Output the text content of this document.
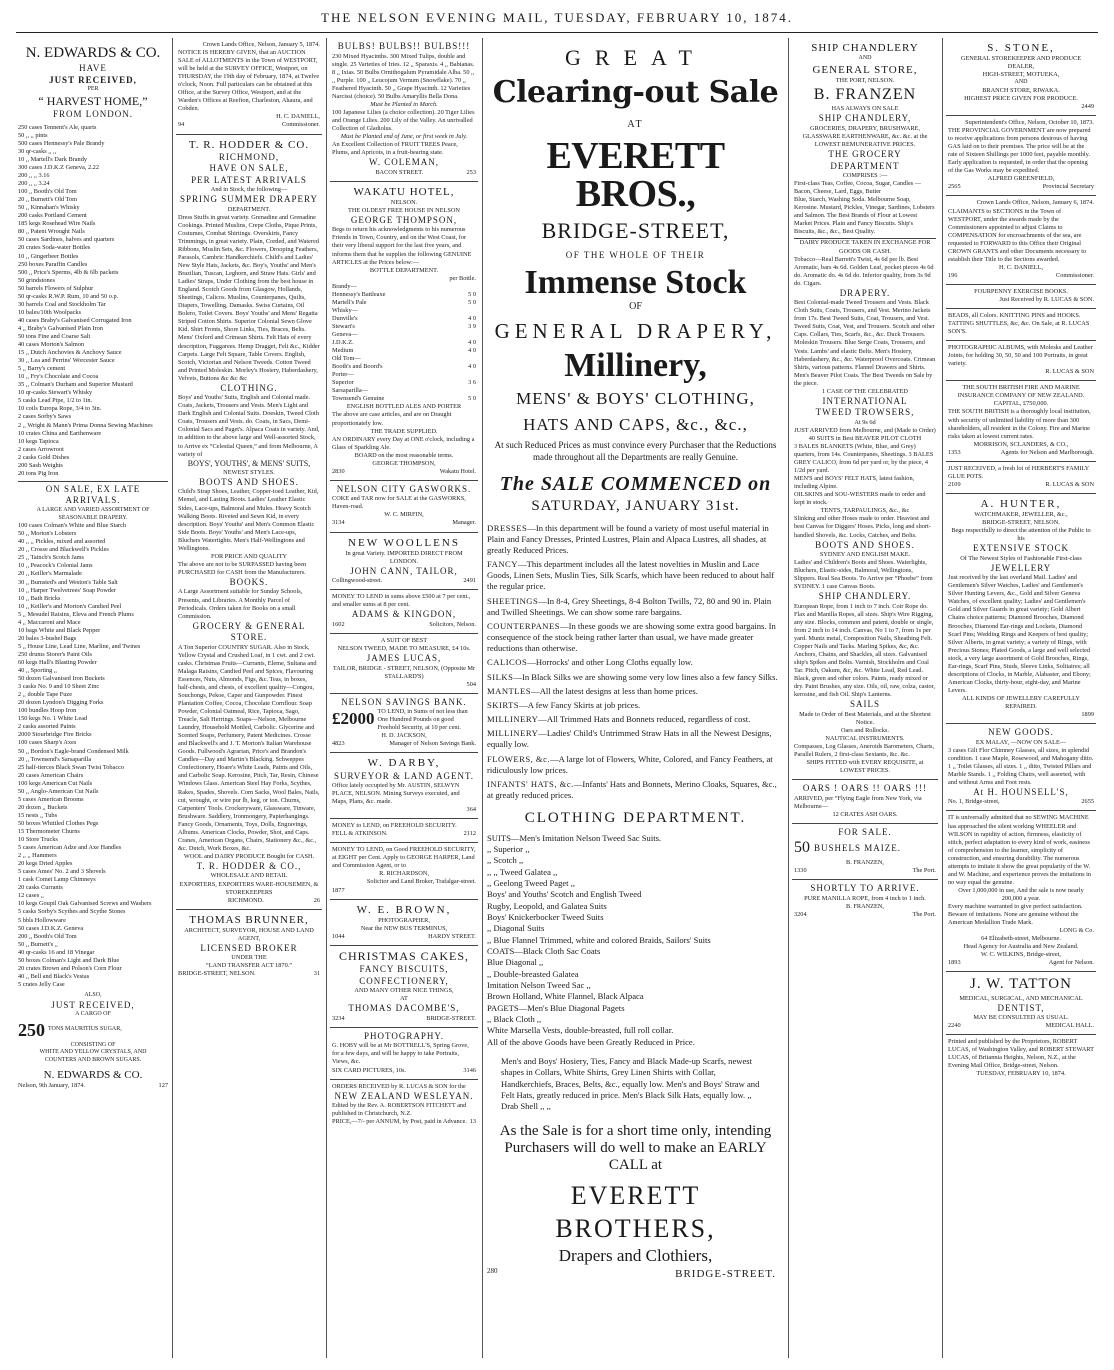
THE NELSON EVENING MAIL, TUESDAY, FEBRUARY 10, 1874.
N. EDWARDS & CO.
HAVE
JUST RECEIVED,
PER
“ HARVEST HOME,”
FROM LONDON.
250 cases Tennent's Ale, quarts
50 ,, ,, pints
500 cases Hennessy's Pale Brandy
30 qr-casks ,, ,,
10 ,, Martell's Dark Brandy
300 cases J.D.K.Z Geneva, 2.22
200 ,, ,, 3.16
200 ,, ,, 3.24
100 ,, Booth's Old Tom
20 ,, Burnett's Old Tom
50 ,, Kinnahan's Whisky
200 casks Portland Cement
185 kegs Rosehead Wire Nails
80 ,, Patent Wrought Nails
50 cases Sardines, halves and quarters
20 crates Soda-water Bottles
10 ,, Gingerbeer Bottles
250 boxes Paraffin Candles
500 ,, Price's Sperms, 4lb & 6lb packets
50 grindstones
50 barrels Flowers of Sulphur
50 qr-casks R.W.P. Rum, 10 and 50 o.p.
30 barrels Coal and Stockholm Tar
10 bales/10th Woolpacks
40 cases Braby's Galvanised Corrugated Iron
4 ,, Braby's Galvanised Plain Iron
50 tons Fine and Coarse Salt
40 cases Morton's Salmon
15 ,, Dutch Anchovies & Anchovy Sauce
30 ,, Lea and Perrins' Worcester Sauce
5 ,, Barry's cement
10 ,, Fry's Chocolate and Cocoa
35 ,, Colman's Durham and Superior Mustard
10 qr-casks Stewart's Whisky
5 casks Lead Pipe, 1/2 to 1in.
10 coils Europa Rope, 3/4 to 3in.
2 cases Sorby's Saws
2 ,, Wright & Mann's Prima Donna Sewing Machines
10 crates China and Earthenware
10 kegs Tapioca
2 cases Arrowroot
2 casks Gold Dishes
200 Sash Weights
20 tons Pig Iron
ON SALE, EX LATE ARRIVALS.
A LARGE AND VARIED ASSORTMENT OF SEASONABLE DRAPERY.
100 cases Colman's White and Blue Starch
50 ,, Morton's Lobsters
40 ,, ,, Pickles, mixed and assorted
20 ,, Crosse and Blackwell's Pickles
25 ,, Taincb's Scotch Jams
10 ,, Peacock's Colonial Jams
20 ,, Keiller's Marmalade
30 ,, Bumsted's and Weston's Table Salt
10 ,, Harper Twelvetrees' Soap Powder
10 ,, Bath Bricks
10 ,, Keiller's and Morton's Candied Peel
5 ,, Mesudel Raisins, Eleva and French Plums
4 ,, Maccaroni and Mace
10 bags White and Black Pepper
20 bales 3-bushel Bags
5 ,, House Line, Lead Line, Marline, and Twines
250 drums Storer's Paint Oils
60 kegs Hall's Blasting Powder
40 ,, Sporting ,,
50 dozen Galvanised Iron Buckets
3 casks No. 9 and 10 Sheet Zinc
2 ,, double Tape Fuze
20 dozen Lyndon's Digging Forks
100 bundles Hoop Iron
150 kegs No. 1 White Lead
2 casks assorted Paints
2000 Stourbridge Fire Bricks
100 cases Sharp's Axes
50 ,, Bordon's Eagle-brand Condensed Milk
20 ,, Townsend's Sarsaparilla
25 half-tierces Black Swan Twist Tobacco
20 cases American Chairs
100 kegs American Cut Nails
50 ,, Anglo-American Cut Nails
5 cases American Brooms
20 dozen ,, Buckets
15 nests ,, Tubs
50 boxes Whittled Clothes Pegs
15 Thermometer Churns
10 Store Trucks
5 cases American Adze and Axe Handles
2 ,, ,, Hammers
20 kegs Dried Apples
5 cases Ames' No. 2 and 3 Shovels
1 cask Comet Lamp Chimneys
20 casks Currants
12 cases ,,
10 kegs Goupil Oak Galvanised Screws and Washers
5 casks Sorby's Scythes and Scythe Stones
5 bbls Hollowware
50 cases J.D.K.Z. Geneva
200 ,, Booth's Old Tom
50 ,, Burnett's ,,
40 qr-casks 16 and 18 Vinegar
50 boxes Colman's Light and Dark Blue
20 crates Brown and Polson's Corn Flour
40 ,, Bell and Black's Vestas
5 crates Jelly Case
ALSO,
JUST RECEIVED,
A CARGO OF
250 TONS MAURITIUS SUGAR,
CONSISTING OF
WHITE AND YELLOW CRYSTALS, AND
COUNTERS AND BROWN SUGARS.
N. EDWARDS & CO.
Nelson, 9th January, 1874.	127
Crown Lands Office, Nelson, January 5, 1874.
NOTICE IS HEREBY GIVEN, that an AUCTION SALE of ALLOTMENTS in the Town of WESTPORT, will be held at the SURVEY OFFICE, Westport, on THURSDAY, the 19th day of February, 1874, at Twelve o'clock, Noon. Full particulars can be obtained at this Office, at the Survey Office, Westport, and at the Warden's Offices at Reefton, Charleston, Ahaura, and Cobden.
H. C. DANIELL,
94	Commissioner.
T. R. HODDER & CO.
RICHMOND,
HAVE ON SALE,
PER LATEST ARRIVALS
And in Stock, the following—
SPRING SUMMER DRAPERY
DEPARTMENT.
Dress Stuffs in great variety. Grenadine and Grenadine Cookings. Printed Muslins, Crepe Cloths, Pique Prints, Costumes, Combat Shirtings. Overskirts, Fancy Trimmings, in great variety. Plain, Corded, and Watered Ribbons, Muslin Sets, &c. Flowers, Drooping Feathers, Parasols, Cambric Handkerchiefs. Child's and Ladies' New Style Hats, Jackets, &c. Boy's, Youths' and Men's Brazilian, Tuscan, Leghorn, and Straw Hats. Girls' and Ladies' Straps, Under Clothing from the best house in England. Scotch Goods from Glasgow, Hollands, Sheetings, Calicos. Muslins, Counterpanes, Quilts, Diapers, Towelling, Damasks. Swiss Curtains, Oil Bolero, Toilet Covers. Boys' Youths' and Mens' Regatta Striped Cotton Shirts. Superior Colonial Sewn Glove Kid. Shirt Fronts, Shore Links, Ties, Braces, Belts. Mens' Oxford and Crimean Shirts. Felt Hats of every description, Fuggarees. Hemp Dragget, Felt &c., Kidder Carpets. Large Felt Square, Table Covers. English, Scotch, Victorian and Nelson Tweeds. Cotton Tweed and Printed Moleskin. Morley's Hosiery, Haberdashery, Velvets, Buttons &c &c &c
CLOTHING.
Boys' and Youths' Suits, English and Colonial made. Coats, Jackets, Trousers and Vests. Men's Light and Dark English and Colonial Suits. Doeskin, Tweed Cloth Coats, Trousers and Vests. do. Coats, in Sacs, Demi-Colonial Sacs and Paget's. Alpaca Coats in variety. And, in addition to the above large and Well-assorted Stock, to Arrive ex “Celestial Queen,” and from Melbourne, A variety of
BOYS', YOUTHS', & MENS' SUITS,
NEWEST STYLES.
BOOTS AND SHOES.
Child's Strap Shoes, Leather, Copper-toed Leather, Kid, Memel, and Lasting Boots. Ladies' Leather Elastic Sides, Lace-ups, Balmoral and Mules. Heavy Scotch Walking Boots. Riveted and Sewn Kid, in every description. Boys' Youths' and Men's Common Elastic Side Boots. Boys' Youths' and Men's Lace-ups, Bluchers Watertights. Men's Half-Wellingtons and Wellingtons.
FOR PRICE AND QUALITY
The above are not to be SURPASSED having been PURCHASED for CASH from the Manufacturers.
BOOKS.
A Large Assortment suitable for Sunday Schools, Presents, and Libraries. A Monthly Parcel of Periodicals. Orders taken for Books on a small Commission.
GROCERY & GENERAL STORE.
A Ton Superior COUNTRY SUGAR. Also in Stock, Yellow Crystal and Crushed Loaf, in 1 cwt. and 2 cwt. casks. Christmas Fruits—Currants, Eleme, Sultana and Malaga Raisins, Candied Peel and Spices, Flavouring Essences, Nuts, Almonds, Figs, &c. Teas, in boxes, half-chests, and chests, of excellent quality—Congou, Souchongs, Pekoe, Caper and Gunpowder. Finest Plantation Coffee, Cocoa, Chocolate Cornflour. Soap Powder, Colonial Oatmeal, Rice, Tapioca, Sago, Treacle, Salt Herrings. Soaps—Nelson, Melbourne Laundry, Household Mottled, Carbolic. Glycerine and Scented Soaps, Perfumery, Patent Medicines. Crosse and Blackwell's and J. T. Morton's Italian Warehouse Goods. Fullwood's Agrarian, Price's and Brandon's Candles—Day and Martin's Blacking. Schweppes Confectionery, Hoare's White Leads, Paints and Oils, and Carbolic Soap. Kerosine, Pitch, Tar, Resin, Chinese Windows Glass. American Steel Hay Forks, Scythes, Rakes, Spades, Shovels. Corn Sacks, Wool Bales, Nails, cut, wrought, or wire pur lb, keg, or ton. Churns, Carpenters' Tools. Crockeryware, Glassware, Tinware, Brushware. Saddlery, Ironmongery, Papierhangings. Fancy Goods, Ornaments, Toys, Dolls, Engravings, Albums. American Clocks, Powder, Shot, and Caps. Cranes, American Organs, Chairs, Stationery &c., &c., &c. Dutch, Work Boxes, &c.
WOOL and DAIRY PRODUCE Bought for CASH.
T. R. HODDER & CO.,
WHOLESALE AND RETAIL
EXPORTERS, EXPORTERS WARE-HOUSEMEN, & STOREKEEPERS
RICHMOND.	26
THOMAS BRUNNER,
ARCHITECT, SURVEYOR, HOUSE AND LAND AGENT,
LICENSED BROKER
UNDER THE
“LAND TRANSFER ACT 1870.”
BRIDGE-STREET, NELSON.	31
BULBS! BULBS!! BULBS!!!
230 Mixed Hyacinths. 300 Mixed Tulips, double and single. 25 Varieties of Iries. 12 ,, Sparaxis. 4 ,, Babianas. 8 ,, Ixias. 50 Bulbs Ornithogalum Pyramidale Alba. 50 ,, ,, Purple. 100 ,, Leucojum Vernum (Snowflake). 70 ,, Feathered Hyacinth. 50 ,, Grape Hyacinth. 12 Varieties Narcissi (choice). 50 Bulbs Amaryllis Bella Dona.
Must be Planted in March.
100 Japanese Lilies (a choice collection). 20 Tiger Lilies and Orange Lilies. 200 Lily of the Valley. An unrivalled Collection of Gladiolus.
Must be Planted end of June, or first week in July.
An Excellent Collection of FRUIT TREES Peace, Plums, and Apricots, in a fruit-bearing state.
W. COLEMAN,
BACON STREET.	253
WAKATU HOTEL,
NELSON.
THE OLDEST FREE HOUSE IN NELSON
GEORGE THOMPSON,
Begs to return his acknowledgments to his numerous Friends in Town, Country, and on the West Coast, for their very liberal support for the last five years, and informs them that he supplies the following GENUINE ARTICLES at the Prices below:—
BOTTLE DEPARTMENT.
per Bottle.
Brandy—
Hennessy's Battleaxe	5 0
Martell's Pale	5 0
Whisky—
Dunville's	4 0
Stewart's	3 9
Geneva—
J.D.K.Z.	4 0
Medium	4 0
Old Tom—
Booth's and Boord's	4 0
Porter—
Superior	3 6
Sarsaparilla—
Townsend's Genuine	5 0
ENGLISH BOTTLED ALES AND PORTER
The above are case articles, and are on Draught proportionately low.
THE TRADE SUPPLIED.
AN ORDINARY every Day at ONE o'clock, including a Glass of Sparkling Ale.
BOARD on the most reasonable terms.
GEORGE THOMPSON,
2830	Wakatu Hotel.
NELSON CITY GASWORKS.
COKE and TAR now for SALE at the GASWORKS, Haven-road.
W. C. MIRFIN,
3134	Manager.
NEW WOOLLENS
In great Variety. IMPORTED DIRECT FROM LONDON.
JOHN CANN, TAILOR,
Collingwood-street.	2491
MONEY TO LEND in sums above £500 at 7 per cent., and smaller sums at 8 per cent.
ADAMS & KINGDON,
1602	Solicitors, Nelson.
A SUIT OF BEST
NELSON TWEED, MADE TO MEASURE, £4 10s.
JAMES LUCAS,
TAILOR, BRIDGE - STREET, NELSON, (Opposite Mr STALLARD'S)
504
NELSON SAVINGS BANK.
£2000 TO LEND, in Sums of not less than One Hundred Pounds on good Freehold Security, at 10 per cent.
H. D. JACKSON,
4823	Manager of Nelson Savings Bank.
W. DARBY,
SURVEYOR & LAND AGENT.
Office lately occupied by Mr. AUSTIN, SELWYN PLACE, NELSON. Mining Surveys executed, and Maps, Plans, &c. made.
364
MONEY to LEND, on FREEHOLD SECURITY.
FELL & ATKINSON.	2112
MONEY TO LEND, on Good FREEHOLD SECURITY, at EIGHT per Cent. Apply to GEORGE HARPER, Land and Commission Agent, or to
R. RICHARDSON,
Solicitor and Land Broker, Trafalgar-street.
1877
W. E. BROWN,
PHOTOGRAPHER,
Near the NEW BUS TERMINUS,
1044	HARDY STREET.
CHRISTMAS CAKES,
FANCY BISCUITS, CONFECTIONERY,
AND MANY OTHER NICE THINGS,
AT
THOMAS DACOMBE'S,
3234	BRIDGE-STREET.
PHOTOGRAPHY.
G. HOBY will be at Mr BOTTRELL'S, Spring Grove, for a few days, and will be happy to take Portraits, Views, &c.
SIX CARD PICTURES, 10s.	3146
ORDERS RECEIVED by R. LUCAS & SON for the
NEW ZEALAND WESLEYAN.
Edited by the Rev. A. ROBERTSON FITCHETT and published in Christchurch, N.Z.
PRICE,—7/- per ANNUM, by Post, paid in Advance. 13
GREAT
Clearing-out Sale
AT
EVERETT BROS.,
BRIDGE-STREET,
OF THE WHOLE OF THEIR
Immense Stock
OF
GENERAL DRAPERY,
Millinery,
MENS' & BOYS' CLOTHING,
HATS AND CAPS, &c., &c.,
At such Reduced Prices as must convince every Purchaser that the Reductions made throughout all the Departments are really Genuine.
The SALE COMMENCED on
SATURDAY, JANUARY 31st.
DRESSES—In this department will be found a variety of most useful material in Plain and Fancy Dresses, Printed Lustres, Plain and Alpaca Lustres, all shades, at greatly Reduced Prices.
FANCY—This department includes all the latest novelties in Muslin and Lace Goods, Linen Sets, Muslin Ties, Silk Scarfs, which have been reduced to about half the regular price.
SHEETINGS—In 8-4, Grey Sheetings, 8-4 Bolton Twills, 72, 80 and 90 in. Plain and Twilled Sheetings. We can show some rare bargains.
COUNTERPANES—In these goods we are showing some extra good bargains. In consequence of the stock being rather larter than usual, we have made greater reductions than otherwise.
CALICOS—Horrocks' and other Long Cloths equally low.
SILKS—In Black Silks we are showing some very low lines also a few fancy Silks.
MANTLES—All the latest designs at less than home prices.
SKIRTS—A few Fancy Skirts at job prices.
MILLINERY—All Trimmed Hats and Bonnets reduced, regardless of cost.
MILLINERY—Ladies' Child's Untrimmed Straw Hats in all the Newest Designs, equally low.
FLOWERS, &c.—A large lot of Flowers, White, Colored, and Fancy Feathers, at ridiculously low prices.
INFANTS' HATS, &c.—Infants' Hats and Bonnets, Merino Cloaks, Squares, &c., at greatly reduced prices.
CLOTHING DEPARTMENT.
SUITS—Men's Imitation Nelson Tweed Sac Suits.
,, Superior ,,
,, Scotch ,,
,, ,, Tweed Galatea ,,
,, Geelong Tweed Paget ,,
Boys' and Youths' Scotch and English Tweed
Rugby, Leopold, and Galatea Suits
Boys' Knickerbocker Tweed Suits
,, Diagonal Suits
,, Blue Flannel Trimmed, white and colored Braids, Sailors' Suits
COATS—Black Cloth Sac Coats
Blue Diagonal ,,
,, Double-breasted Galatea
Imitation Nelson Tweed Sac ,,
Brown Holland, White Flannel, Black Alpaca
PAGETS—Men's Blue Diagonal Pagets
,, Black Cloth ,,
White Marsella Vests, double-breasted, full roll collar.
All of the above Goods have been Greatly Reduced in Price.
Men's and Boys' Hosiery, Ties, Fancy and Black Made-up Scarfs, newest shapes in Collars, White Shirts, Grey Linen Shirts with Collar, Handkerchiefs, Braces, Belts, &c., equally low. Men's and Boys' Straw and Felt Hats, greatly reduced in price. Men's Black Silk Hats, equally low. ,, Drab Shell ,, ,,
As the Sale is for a short time only, intending Purchasers will do well to make an EARLY CALL at
EVERETT BROTHERS,
Drapers and Clothiers,
280	BRIDGE-STREET.
SHIP CHANDLERY
AND
GENERAL STORE,
THE PORT, NELSON.
B. FRANZEN
HAS ALWAYS ON SALE
SHIP CHANDLERY,
GROCERIES, DRAPERY, BRUSHWARE, GLASSWARE EARTHENWARE, &c. &c. at the LOWEST REMUNERATIVE PRICES.
THE GROCERY DEPARTMENT
COMPRISES :—
First-class Teas, Coffee, Cocoa, Sugar, Candles — Bacon, Cheese, Lard, Eggs, Butter
Blue, Starch, Washing Soda. Melbourne Soap, Kerosine. Mustard, Pickles, Vinegar, Sardines, Lobsters and Salmon. The Best Brands of Flour at Lowest Market Prices. Plain and Fancy Biscuits. Ship's Biscuits, &c., &c., Best Quality.
DAIRY PRODUCE TAKEN IN EXCHANGE FOR GOODS OR CASH.
Tobacco—Real Barrett's Twist, 4s 6d per lb. Best Aromatic, bars 4s 6d. Golden Leaf, pocket pieces 4s 6d do. Aromatic do. 4s 6d do. Inferior quality, from 3s 9d do. Cigars.
DRAPERY.
Best Colonial-made Tweed Trousers and Vests. Black Cloth Suits, Coats, Trousers, and Vest. Merino Jackets from 17s. Best Tweed Suits, Coat, Trousers, and Vest. Tweed Suits, Coat, Vest, and Trousers. Scotch and other Caps. Collars, Ties, Scarfs, &c., &c. Duck Trousers. Moleskin Trousers. Blue Serge Coats, Trousers, and Vests. Lambs' and elastic Belts. Men's Hosiery, Haberdashery, &c., &c. Waterproof Overcoats. Crimean Shirts, various patterns. Flannel Drawers and Shirts. Men's Beaver Pilot Coats. The Best Tweeds on Sale by the piece.
1 CASE OF THE CELEBRATED
INTERNATIONAL
TWEED TROWSERS,
At 9s 6d
JUST ARRIVED from Melbourne, and (Made to Order)
40 SUITS in Best BEAVER PILOT CLOTH
3 BALES BLANKETS (White, Blue, and Grey) quarters, from 14s. Counterpanes, Sheetings. 3 BALES GREY CALICO, from 6d per yard or, by the piece, 4 1/2d per yard.
MEN'S and BOYS' FELT HATS, latest fashion, including Alpine.
OILSKINS and SOU-WESTERS made to order and kept in stock.
TENTS, TARPAULINGS, &c., &c
Slinking and other Hoses made to order. Heaviest and best Canvas for Diggers' Hoses. Picks, long and short-handled Shovels, &c. Locks, Catches, and Bolts.
BOOTS AND SHOES.
SYDNEY AND ENGLISH MAKE.
Ladies' and Children's Boots and Shoes. Waterlights, Bluchers, Elastic-sides, Balmoral, Wellingtons, Slippers. Real Sea Boots. To Arrive per “Phoebe” from SYDNEY. 1 case Canvas Boots.
SHIP CHANDLERY.
European Rope, from 1 inch to 7 inch. Coir Rope do. Flax and Manilla Ropes, all sizes. Ship's Wire Rigging, any size. Blocks, common and patent, double or single, from 2 inch to 14 inch. Canvas, No 1 to 7, from 1s per yard. Muntz metal, Composition Nails, Sheathing Felt. Copper Nails and Tacks. Marling Spikes, &c, &c. Anchors, Chains, and Shackles, all sizes. Galvanised ship's Spikes and Bolts. Varnish, Stockholm and Coal Tar. Pitch, Oakum, &c, &c. White Lead, Red Lead. Black, green and other colors. Paints, ready mixed or dry. Paint Brushes, any size. Oils, oil, raw, colza, castor, kerosine, and fish Oil. Ship's Lanterns.
SAILS
Made to Order of Best Materials, and at the Shortest Notice.
Oars and Rollocks.
NAUTICAL INSTRUMENTS.
Compasses, Log Glasses, Aneroids Barometers, Charts, Parallel Rulers, 2 first-class Sextants, &c. &c.
SHIPS FITTED with EVERY REQUISITE, at LOWEST PRICES.
OARS ! OARS !! OARS !!!
ARRIVED, per “Flying Eagle from New York, via Melbourne—
12 CRATES ASH OARS.
FOR SALE.
50 BUSHELS MAIZE.
B. FRANZEN,
1330	The Port.
SHORTLY TO ARRIVE.
PURE MANILLA ROPE, from 4 inch to 1 inch.
B. FRANZEN,
3204	The Port.
S. STONE,
GENERAL STOREKEEPER AND PRODUCE DEALER,
HIGH-STREET, MOTUEKA,
AND
BRANCH STORE, RIWAKA.
HIGHEST PRICE GIVEN FOR PRODUCE.
2449
Superintendent's Office, Nelson, October 10, 1873.
THE PROVINCIAL GOVERNMENT are now prepared to receive applications from persons desirous of having GAS laid on to their premises. The price will be at the rate of Sixteen Shillings per 1000 feet, payable monthly. Early application is requested, in order that the opening of the Gas Works may be expedited.
ALFRED GREENFIELD,
2565	Provincial Secretary
Crown Lands Office, Nelson, January 6, 1874.
CLAIMANTS to SECTIONS in the Town of WESTPORT, under the awards made by the Commissioners appointed to adjust Claims to COMPENSATION for encroachments of the sea, are requested to FORWARD to this Office their Original CROWN GRANTS and other Documents necessary to establish their Title to the Sections awarded.
H. C. DANIELL,
196	Commissioner.
FOURPENNY EXERCISE BOOKS.
Just Received by R. LUCAS & SON.
BEADS, all Colors. KNITTING PINS and HOOKS. TATTING SHUTTLES, &c, &c. On Sale, at R. LUCAS SON'S.
PHOTOGRAPHIC ALBUMS, with Molesks and Leather Joints, for holding 30, 50, 50 and 100 Portraits, in great variety.
R. LUCAS & SON
THE SOUTH BRITISH FIRE AND MARINE INSURANCE COMPANY OF NEW ZEALAND.
CAPITAL, £750,000.
THE SOUTH BRITISH is a thoroughly local institution, with security of unlimited liability of more than 300 shareholders, all resident in the Colony. Fire and Marine risks taken at lowest current rates.
MORRISON, SCLANDERS, & CO.,
1353	Agents for Nelson and Marlborough.
JUST RECEIVED, a fresh lot of HERBERT'S FAMILY GLUE POTS.
2109	R. LUCAS & SON
A. HUNTER,
WATCHMAKER, JEWELLER, &c.,
BRIDGE-STREET, NELSON.
Begs respectfully to direct the attention of the Public to his
EXTENSIVE STOCK
Of The Newest Styles of Fashionable First-class
JEWELLERY
Just received by the last overland Mail. Ladies' and Gentlemen's Silver Watches, Ladies' and Gentlemen's Silver Hunting Levers, &c., Gold and Silver Geneva Watches, of excellent quality; Ladies' and Gentlemen's Gold and Silver Guards in great variety; Gold Albert Chains choice patterns; Diamond Brooches, Diamond Brooches, Diamond Ear-rings and Lockets, Diamond Scarf Pins; Wedding Rings and Keepers of best quality; Silver Alberts, in great variety; a variety of Rings, with Precious Stones; Plated Goods, a large and well selected stock, a very large assortment of Gold Brooches, Rings, Ear-rings, Scarf Pins, Studs, Sleeve Links, Solitaires; all descriptions of Clocks, in Marble, Alabaster, and Ebony; American Clocks, thirty-hour, eight-day, and Marine Levers.
ALL KINDS OF JEWELLERY CAREFULLY REPAIRED.
1899
NEW GOODS.
EX MALAY, —NOW ON SALE—
3 cases Gilt Flor Chimney Glasses, all sizes, in splendid condition. 1 case Maple, Rosewood, and Mahogany ditto. 1 ,, Toilet Glasses, all sizes. 1 ,, ditto, Twisted Pillars and Marble Stands. 1 ,, Folding Chairs, well assorted, with and without Arms and Foot rests.
At H. HOUNSELL'S,
No. 1, Bridge-street,	2655
IT is universally admitted that no SEWING MACHINE has approached the silent working WHEELER and WILSON in rapidity of action, firmness, elasticity of stitch, perfect adaptation to every kind of work, easiness of comprehension to the learner, simplicity of construction, and ensuring durability. The numerous attempts to imitate it show the great popularity of the W. and W. Machine, and experience proves the imitations in no way equal the genuine.
Over 1,000,000 in use, And the sale is now nearly 200,000 a year.
Every machine warranted to give perfect satisfaction.
Beware of imitations. None are genuine without the American Medallion Trade Mark.
LONG & Co.
64 Elizabeth-street, Melbourne.
Head Agency for Australia and New Zealand.
W. C. WILKINS, Bridge-street,
1893	Agent for Nelson.
J. W. TATTON
MEDICAL, SURGICAL, AND MECHANICAL
DENTIST,
MAY BE CONSULTED AS USUAL.
2240	MEDICAL HALL.
Printed and published by the Proprietors, ROBERT LUCAS, of Washington Valley, and ROBERT STEWART LUCAS, of Britannia Heights, Nelson, N.Z., at the Evening Mail Office, Bridge-street, Nelson.
TUESDAY, FEBRUARY 10, 1874.
